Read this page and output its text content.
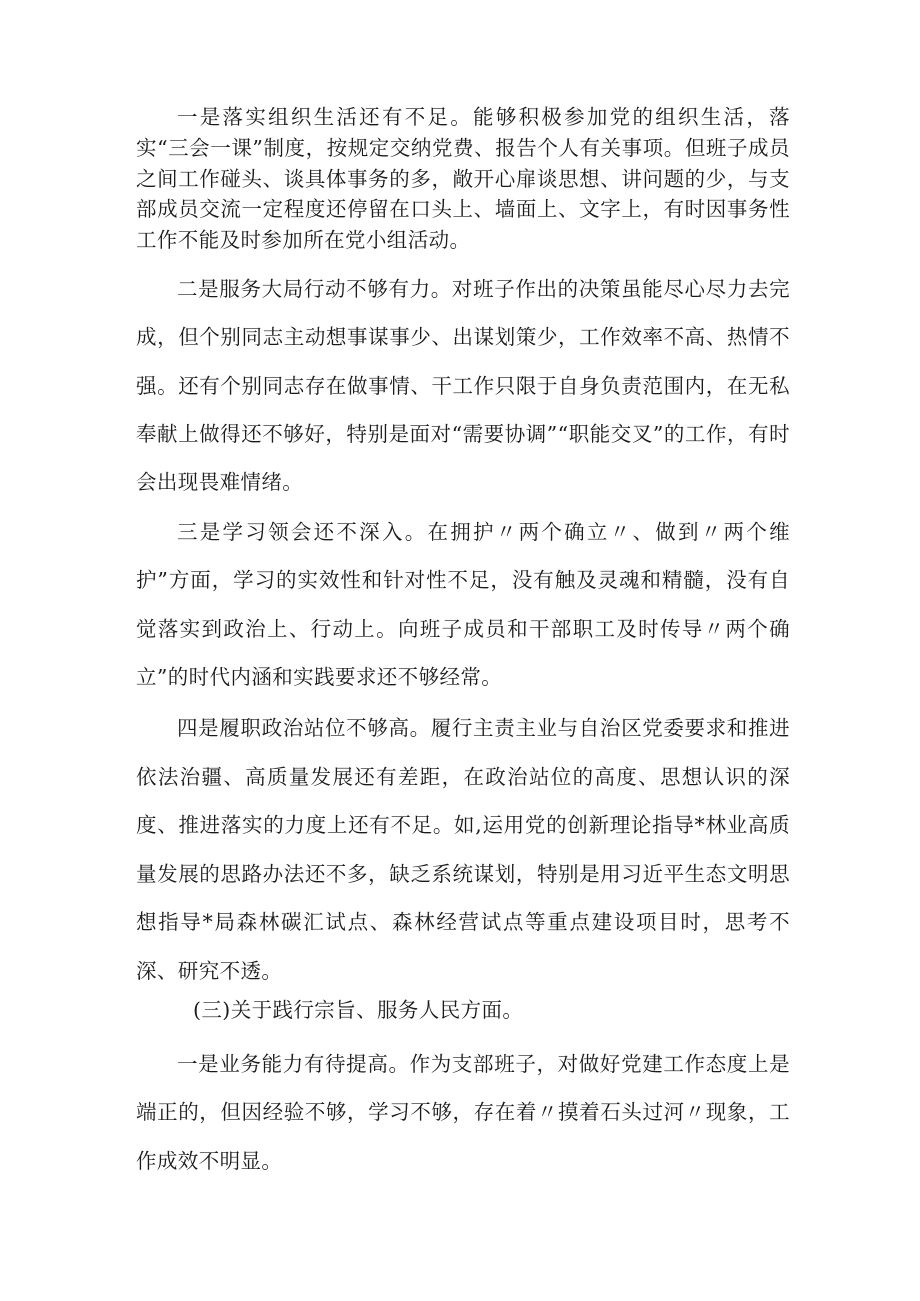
一是落实组织生活还有不足。能够积极参加党的组织生活，落实“三会一课”制度，按规定交纳党费、报告个人有关事项。但班子成员之间工作碰头、谈具体事务的多，敞开心扉谈思想、讲问题的少，与支部成员交流一定程度还停留在口头上、墙面上、文字上，有时因事务性工作不能及时参加所在党小组活动。

二是服务大局行动不够有力。对班子作出的决策虽能尽心尽力去完成，但个别同志主动想事谋事少、出谋划策少，工作效率不高、热情不强。还有个别同志存在做事情、干工作只限于自身负责范围内，在无私奉献上做得还不够好，特别是面对“需要协调”“职能交叉”的工作，有时会出现畏难情绪。

三是学习领会还不深入。在拥护〃两个确立〃、做到〃两个维护”方面，学习的实效性和针对性不足，没有触及灵魂和精髓，没有自觉落实到政治上、行动上。向班子成员和干部职工及时传导〃两个确立”的时代内涵和实践要求还不够经常。

四是履职政治站位不够高。履行主责主业与自治区党委要求和推进依法治疆、高质量发展还有差距，在政治站位的高度、思想认识的深度、推进落实的力度上还有不足。如,运用党的创新理论指导*林业高质量发展的思路办法还不多，缺乏系统谋划，特别是用习近平生态文明思想指导*局森林碳汇试点、森林经营试点等重点建设项目时，思考不深、研究不透。

(三)关于践行宗旨、服务人民方面。

一是业务能力有待提高。作为支部班子，对做好党建工作态度上是端正的，但因经验不够，学习不够，存在着〃摸着石头过河〃现象，工作成效不明显。
